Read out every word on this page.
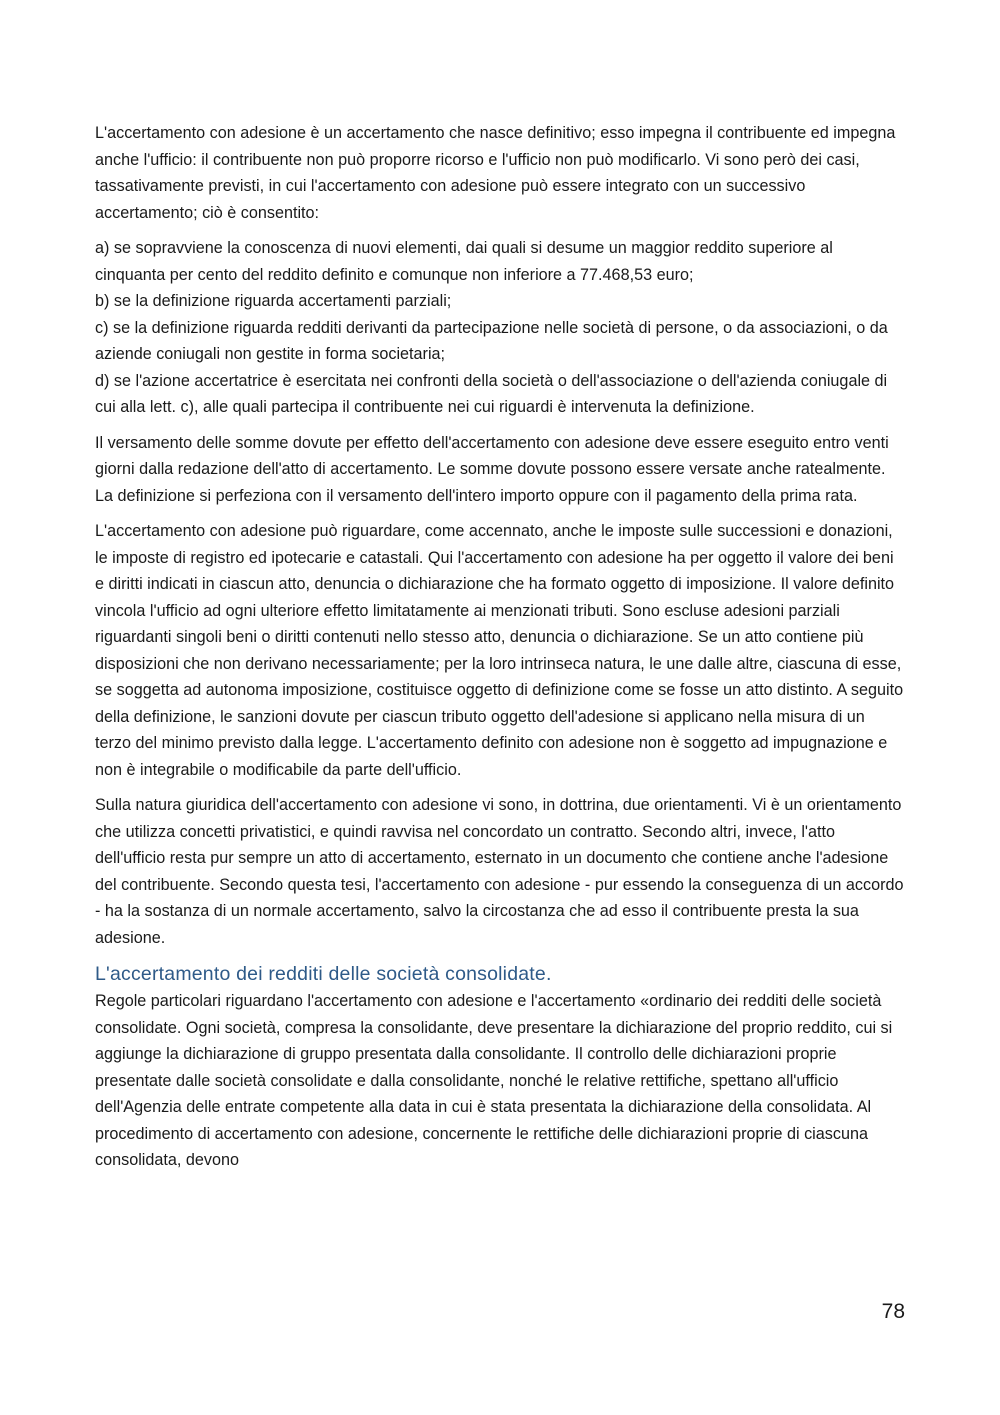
L'accertamento con adesione è un accertamento che nasce definitivo; esso impegna il contribuente ed impegna anche l'ufficio: il contribuente non può proporre ricorso e l'ufficio non può modificarlo. Vi sono però dei casi, tassativamente previsti, in cui l'accertamento con adesione può essere integrato con un successivo accertamento; ciò è consentito:

a) se sopravviene la conoscenza di nuovi elementi, dai quali si desume un maggior reddito superiore al cinquanta per cento del reddito definito e comunque non inferiore a 77.468,53 euro;
b) se la definizione riguarda accertamenti parziali;
c) se la definizione riguarda redditi derivanti da partecipazione nelle società di persone, o da associazioni, o da aziende coniugali non gestite in forma societaria;
d) se l'azione accertatrice è esercitata nei confronti della società o dell'associazione o dell'azienda coniugale di cui alla lett. c), alle quali partecipa il contribuente nei cui riguardi è intervenuta la definizione.

Il versamento delle somme dovute per effetto dell'accertamento con adesione deve essere eseguito entro venti giorni dalla redazione dell'atto di accertamento. Le somme dovute possono essere versate anche ratealmente. La definizione si perfeziona con il versamento dell'intero importo oppure con il pagamento della prima rata.

L'accertamento con adesione può riguardare, come accennato, anche le imposte sulle successioni e donazioni, le imposte di registro ed ipotecarie e catastali. Qui l'accertamento con adesione ha per oggetto il valore dei beni e diritti indicati in ciascun atto, denuncia o dichiarazione che ha formato oggetto di imposizione. Il valore definito vincola l'ufficio ad ogni ulteriore effetto limitatamente ai menzionati tributi. Sono escluse adesioni parziali riguardanti singoli beni o diritti contenuti nello stesso atto, denuncia o dichiarazione. Se un atto contiene più disposizioni che non derivano necessariamente; per la loro intrinseca natura, le une dalle altre, ciascuna di esse, se soggetta ad autonoma imposizione, costituisce oggetto di definizione come se fosse un atto distinto. A seguito della definizione, le sanzioni dovute per ciascun tributo oggetto dell'adesione si applicano nella misura di un terzo del minimo previsto dalla legge. L'accertamento definito con adesione non è soggetto ad impugnazione e non è integrabile o modificabile da parte dell'ufficio.

Sulla natura giuridica dell'accertamento con adesione vi sono, in dottrina, due orientamenti. Vi è un orientamento che utilizza concetti privatistici, e quindi ravvisa nel concordato un contratto. Secondo altri, invece, l'atto dell'ufficio resta pur sempre un atto di accertamento, esternato in un documento che contiene anche l'adesione del contribuente. Secondo questa tesi, l'accertamento con adesione - pur essendo la conseguenza di un accordo - ha la sostanza di un normale accertamento, salvo la circostanza che ad esso il contribuente presta la sua adesione.

L'accertamento dei redditi delle società consolidate.

Regole particolari riguardano l'accertamento con adesione e l'accertamento «ordinario dei redditi delle società consolidate. Ogni società, compresa la consolidante, deve presentare la dichiarazione del proprio reddito, cui si aggiunge la dichiarazione di gruppo presentata dalla consolidante. Il controllo delle dichiarazioni proprie presentate dalle società consolidate e dalla consolidante, nonché le relative rettifiche, spettano all'ufficio dell'Agenzia delle entrate competente alla data in cui è stata presentata la dichiarazione della consolidata. Al procedimento di accertamento con adesione, concernente le rettifiche delle dichiarazioni proprie di ciascuna consolidata, devono

78
